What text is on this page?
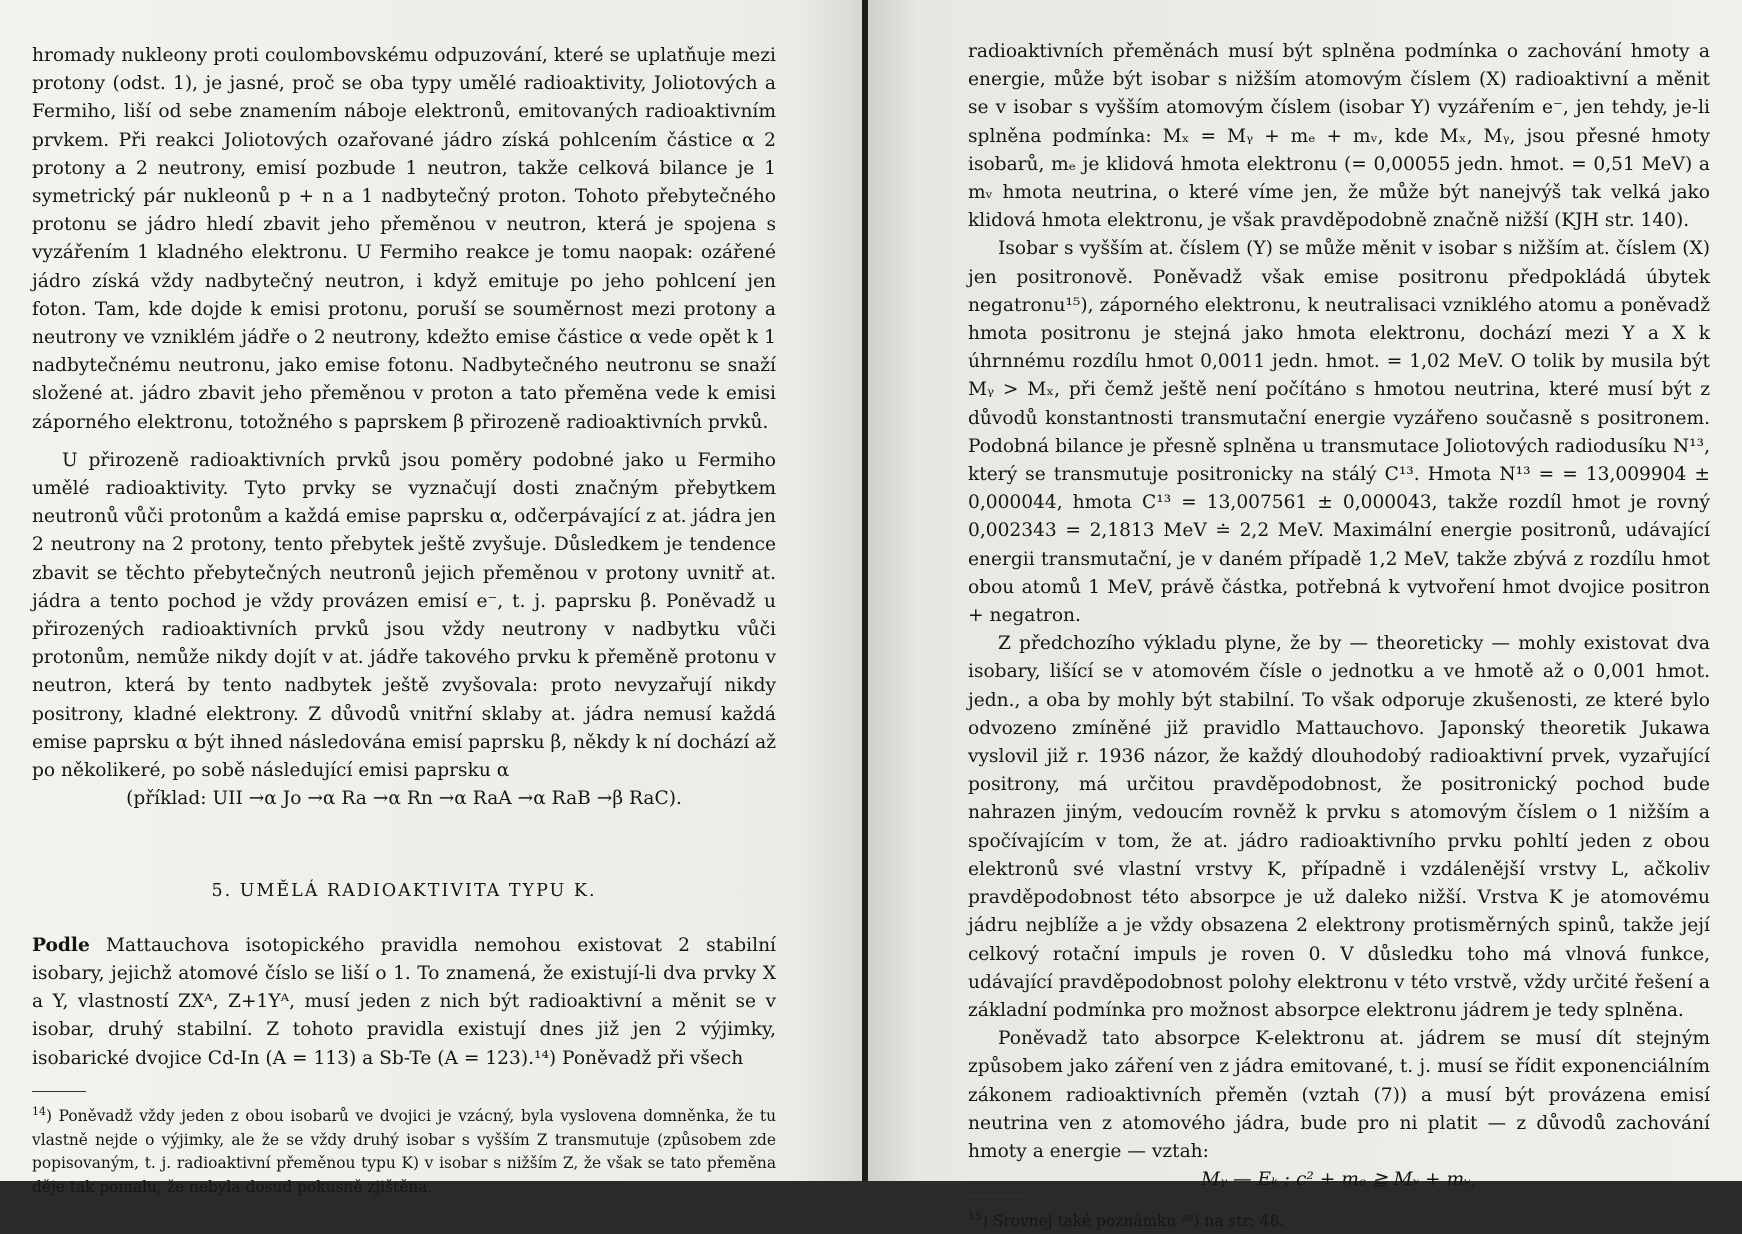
hromady nukleony proti coulombovskému odpuzování, které se uplatňuje mezi protony (odst. 1), je jasné, proč se oba typy umělé radioaktivity, Joliotových a Fermiho, liší od sebe znamením náboje elektronů, emitovaných radioaktivním prvkem. Při reakci Joliotových ozařované jádro získá pohlcením částice α 2 protony a 2 neutrony, emisí pozbude 1 neutron, takže celková bilance je 1 symetrický pár nukleonů p + n a 1 nadbytečný proton. Tohoto přebytečného protonu se jádro hledí zbavit jeho přeměnou v neutron, která je spojena s vyzářením 1 kladného elektronu. U Fermiho reakce je tomu naopak: ozářené jádro získá vždy nadbytečný neutron, i když emituje po jeho pohlcení jen foton. Tam, kde dojde k emisi protonu, poruší se souměrnost mezi protony a neutrony ve vzniklém jádře o 2 neutrony, kdežto emise částice α vede opět k 1 nadbytečnému neutronu, jako emise fotonu. Nadbytečného neutronu se snaží složené at. jádro zbavit jeho přeměnou v proton a tato přeměna vede k emisi záporného elektronu, totožného s paprskem β přirozeně radioaktivních prvků.

U přirozeně radioaktivních prvků jsou poměry podobné jako u Fermiho umělé radioaktivity. Tyto prvky se vyznačují dosti značným přebytkem neutronů vůči protonům a každá emise paprsku α, odčerpávající z at. jádra jen 2 neutrony na 2 protony, tento přebytek ještě zvyšuje. Důsledkem je tendence zbavit se těchto přebytečných neutronů jejich přeměnou v protony uvnitř at. jádra a tento pochod je vždy provázen emisí e⁻, t. j. paprsku β. Poněvadž u přirozených radioaktivních prvků jsou vždy neutrony v nadbytku vůči protonům, nemůže nikdy dojít v at. jádře takového prvku k přeměně protonu v neutron, která by tento nadbytek ještě zvyšovala: proto nevyzařují nikdy positrony, kladné elektrony. Z důvodů vnitřní sklaby at. jádra nemusí každá emise paprsku α být ihned následována emisí paprsku β, někdy k ní dochází až po několikeré, po sobě následující emisi paprsku α

(příklad: UII →α Jo →α Ra →α Rn →α RaA →α RaB →β RaC).

5. UMĚLÁ RADIOAKTIVITA TYPU K.

Podle Mattauchova isotopického pravidla nemohou existovat 2 stabilní isobary, jejichž atomové číslo se liší o 1. To znamená, že existují-li dva prvky X a Y, vlastností ZXᴬ, Z+1Yᴬ, musí jeden z nich být radioaktivní a měnit se v isobar, druhý stabilní. Z tohoto pravidla existují dnes již jen 2 výjimky, isobarické dvojice Cd-In (A = 113) a Sb-Te (A = 123).¹⁴) Poněvadž při všech

$^{14}$) Poněvadž vždy jeden z obou isobarů ve dvojici je vzácný, byla vyslovena domněnka, že tu vlastně nejde o výjimky, ale že se vždy druhý isobar s vyšším Z transmutuje (způsobem zde popisovaným, t. j. radioaktivní přeměnou typu K) v isobar s nižším Z, že však se tato přeměna děje tak pomalu, že nebyla dosud pokusně zjištěna.

radioaktivních přeměnách musí být splněna podmínka o zachování hmoty a energie, může být isobar s nižším atomovým číslem (X) radioaktivní a měnit se v isobar s vyšším atomovým číslem (isobar Y) vyzářením e⁻, jen tehdy, je-li splněna podmínka: Mₓ = Mᵧ + mₑ + mᵥ, kde Mₓ, Mᵧ, jsou přesné hmoty isobarů, mₑ je klidová hmota elektronu (= 0,00055 jedn. hmot. = 0,51 MeV) a mᵥ hmota neutrina, o které víme jen, že může být nanejvýš tak velká jako klidová hmota elektronu, je však pravděpodobně značně nižší (KJH str. 140).

Isobar s vyšším at. číslem (Y) se může měnit v isobar s nižším at. číslem (X) jen positronově. Poněvadž však emise positronu předpokládá úbytek negatronu¹⁵), záporného elektronu, k neutralisaci vzniklého atomu a poněvadž hmota positronu je stejná jako hmota elektronu, dochází mezi Y a X k úhrnnému rozdílu hmot 0,0011 jedn. hmot. = 1,02 MeV. O tolik by musila být Mᵧ > Mₓ, při čemž ještě není počítáno s hmotou neutrina, které musí být z důvodů konstantnosti transmutační energie vyzářeno současně s positronem. Podobná bilance je přesně splněna u transmutace Joliotových radiodusíku N¹³, který se transmutuje positronicky na stálý C¹³. Hmota N¹³ = = 13,009904 ± 0,000044, hmota C¹³ = 13,007561 ± 0,000043, takže rozdíl hmot je rovný 0,002343 = 2,1813 MeV ≐ 2,2 MeV. Maximální energie positronů, udávající energii transmutační, je v daném případě 1,2 MeV, takže zbývá z rozdílu hmot obou atomů 1 MeV, právě částka, potřebná k vytvoření hmot dvojice positron + negatron.

Z předchozího výkladu plyne, že by — theoreticky — mohly existovat dva isobary, lišící se v atomovém čísle o jednotku a ve hmotě až o 0,001 hmot. jedn., a oba by mohly být stabilní. To však odporuje zkušenosti, ze které bylo odvozeno zmíněné již pravidlo Mattauchovo. Japonský theoretik Jukawa vyslovil již r. 1936 názor, že každý dlouhodobý radioaktivní prvek, vyzařující positrony, má určitou pravděpodobnost, že positronický pochod bude nahrazen jiným, vedoucím rovněž k prvku s atomovým číslem o 1 nižším a spočívajícím v tom, že at. jádro radioaktivního prvku pohltí jeden z obou elektronů své vlastní vrstvy K, případně i vzdálenější vrstvy L, ačkoliv pravděpodobnost této absorpce je už daleko nižší. Vrstva K je atomovému jádru nejblíže a je vždy obsazena 2 elektrony protisměrných spinů, takže její celkový rotační impuls je roven 0. V důsledku toho má vlnová funkce, udávající pravděpodobnost polohy elektronu v této vrstvě, vždy určité řešení a základní podmínka pro možnost absorpce elektronu jádrem je tedy splněna.

Poněvadž tato absorpce K-elektronu at. jádrem se musí dít stejným způsobem jako záření ven z jádra emitované, t. j. musí se řídit exponenciálním zákonem radioaktivních přeměn (vztah (7)) a musí být provázena emisí neutrina ven z atomového jádra, bude pro ni platit — z důvodů zachování hmoty a energie — vztah:

Mᵧ — Eₖ : c² + mₑ ≧ Mₓ + mᵥ,

$^{15}$) Srovnej také poznámku ²⁸) na str: 48.
